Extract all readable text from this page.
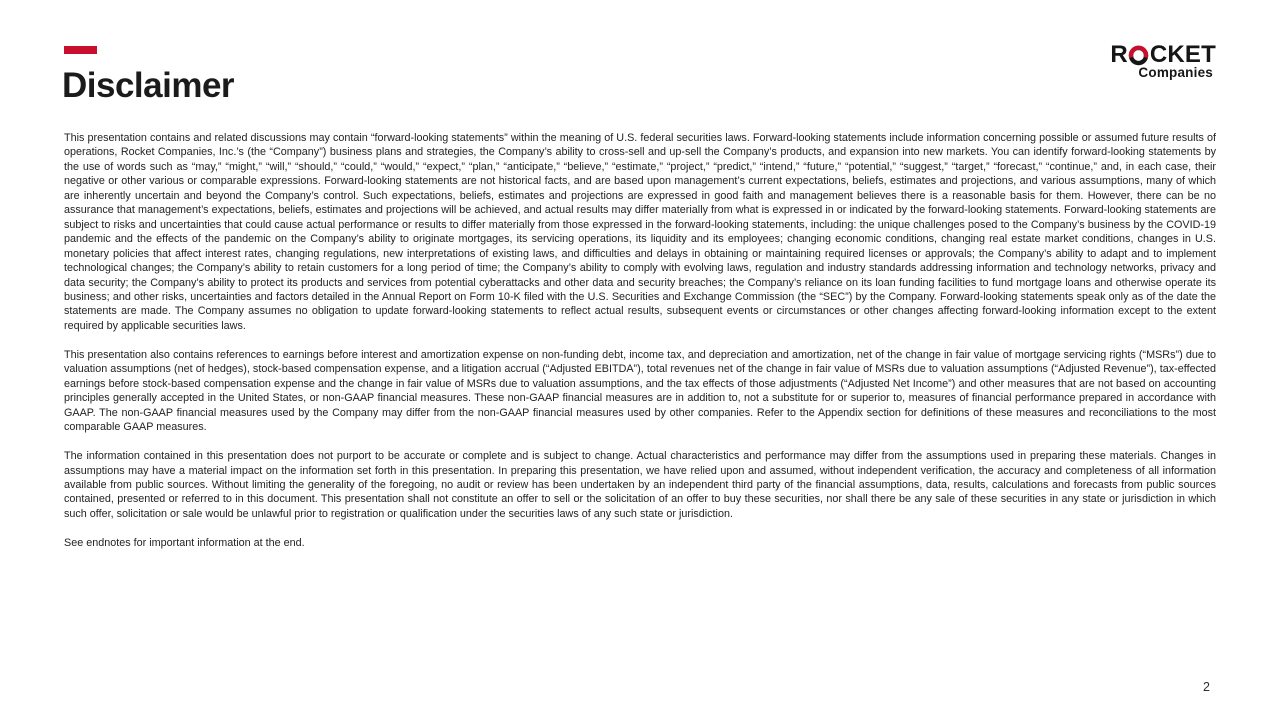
Disclaimer
R CKET
Companies

This presentation contains and related discussions may contain “forward-looking statements” within the meaning of U.S. federal securities laws. Forward-looking statements include information concerning possible or assumed future results of operations, Rocket Companies, Inc.’s (the “Company”) business plans and strategies, the Company’s ability to cross-sell and up-sell the Company’s products, and expansion into new markets. You can identify forward-looking statements by the use of words such as “may,” “might,” “will,” “should,” “could,” “would,” “expect,” “plan,” “anticipate,” “believe,” “estimate,” “project,” “predict,” “intend,” “future,” “potential,” “suggest,” “target,” “forecast,” “continue,” and, in each case, their negative or other various or comparable expressions. Forward-looking statements are not historical facts, and are based upon management’s current expectations, beliefs, estimates and projections, and various assumptions, many of which are inherently uncertain and beyond the Company’s control. Such expectations, beliefs, estimates and projections are expressed in good faith and management believes there is a reasonable basis for them. However, there can be no assurance that management’s expectations, beliefs, estimates and projections will be achieved, and actual results may differ materially from what is expressed in or indicated by the forward-looking statements. Forward-looking statements are subject to risks and uncertainties that could cause actual performance or results to differ materially from those expressed in the forward-looking statements, including: the unique challenges posed to the Company’s business by the COVID-19 pandemic and the effects of the pandemic on the Company’s ability to originate mortgages, its servicing operations, its liquidity and its employees; changing economic conditions, changing real estate market conditions, changes in U.S. monetary policies that affect interest rates, changing regulations, new interpretations of existing laws, and difficulties and delays in obtaining or maintaining required licenses or approvals; the Company’s ability to adapt and to implement technological changes; the Company’s ability to retain customers for a long period of time; the Company’s ability to comply with evolving laws, regulation and industry standards addressing information and technology networks, privacy and data security; the Company’s ability to protect its products and services from potential cyberattacks and other data and security breaches; the Company’s reliance on its loan funding facilities to fund mortgage loans and otherwise operate its business; and other risks, uncertainties and factors detailed in the Annual Report on Form 10-K filed with the U.S. Securities and Exchange Commission (the “SEC”) by the Company. Forward-looking statements speak only as of the date the statements are made. The Company assumes no obligation to update forward-looking statements to reflect actual results, subsequent events or circumstances or other changes affecting forward-looking information except to the extent required by applicable securities laws.

This presentation also contains references to earnings before interest and amortization expense on non-funding debt, income tax, and depreciation and amortization, net of the change in fair value of mortgage servicing rights (“MSRs”) due to valuation assumptions (net of hedges), stock-based compensation expense, and a litigation accrual (“Adjusted EBITDA”), total revenues net of the change in fair value of MSRs due to valuation assumptions (“Adjusted Revenue”), tax-effected earnings before stock-based compensation expense and the change in fair value of MSRs due to valuation assumptions, and the tax effects of those adjustments (“Adjusted Net Income”) and other measures that are not based on accounting principles generally accepted in the United States, or non-GAAP financial measures. These non-GAAP financial measures are in addition to, not a substitute for or superior to, measures of financial performance prepared in accordance with GAAP. The non-GAAP financial measures used by the Company may differ from the non-GAAP financial measures used by other companies. Refer to the Appendix section for definitions of these measures and reconciliations to the most comparable GAAP measures.

The information contained in this presentation does not purport to be accurate or complete and is subject to change. Actual characteristics and performance may differ from the assumptions used in preparing these materials. Changes in assumptions may have a material impact on the information set forth in this presentation. In preparing this presentation, we have relied upon and assumed, without independent verification, the accuracy and completeness of all information available from public sources. Without limiting the generality of the foregoing, no audit or review has been undertaken by an independent third party of the financial assumptions, data, results, calculations and forecasts from public sources contained, presented or referred to in this document. This presentation shall not constitute an offer to sell or the solicitation of an offer to buy these securities, nor shall there be any sale of these securities in any state or jurisdiction in which such offer, solicitation or sale would be unlawful prior to registration or qualification under the securities laws of any such state or jurisdiction.

See endnotes for important information at the end.

2
